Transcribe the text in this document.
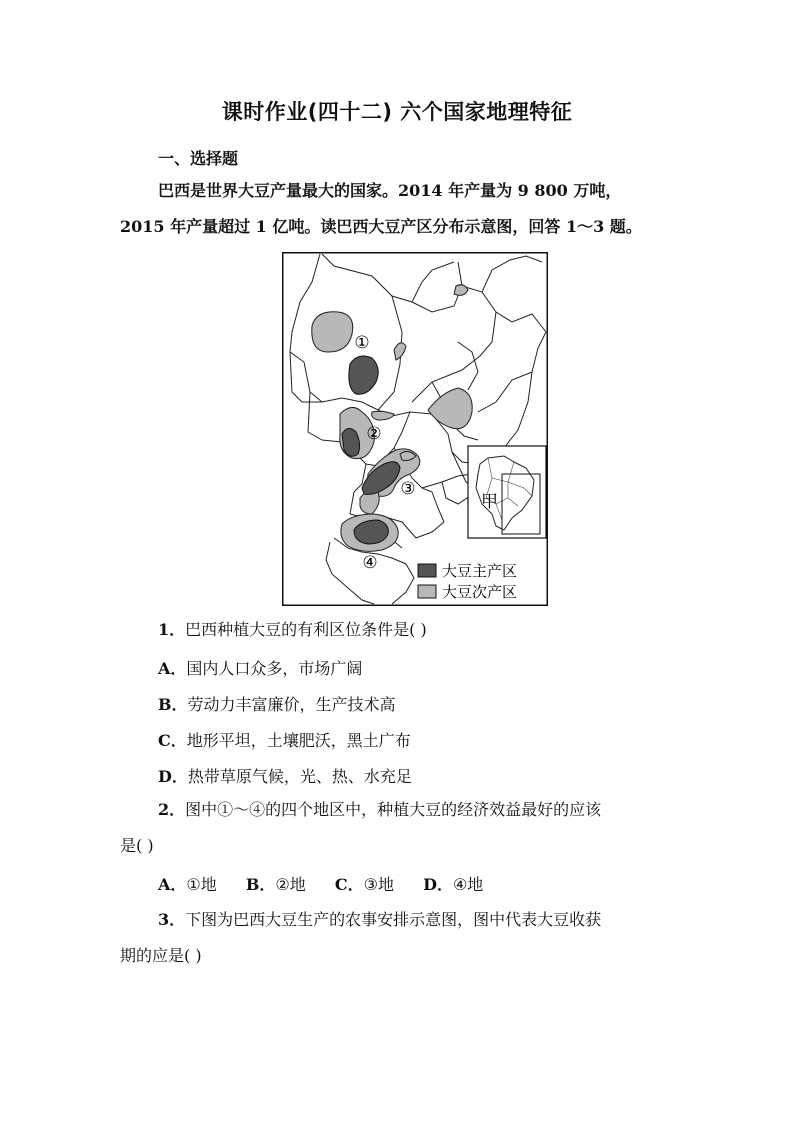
课时作业(四十二) 六个国家地理特征
一、选择题
巴西是世界大豆产量最大的国家。2014 年产量为 9 800 万吨，
2015 年产量超过 1 亿吨。读巴西大豆产区分布示意图，回答 1～3 题。
①
②
③
④
甲
大豆主产区
大豆次产区
1．巴西种植大豆的有利区位条件是( )
A．国内人口众多，市场广阔
B．劳动力丰富廉价，生产技术高
C．地形平坦，土壤肥沃，黑土广布
D．热带草原气候，光、热、水充足
2．图中①～④的四个地区中，种植大豆的经济效益最好的应该
是( )
A．①地 B．②地 C．③地 D．④地
3．下图为巴西大豆生产的农事安排示意图，图中代表大豆收获
期的应是( )
